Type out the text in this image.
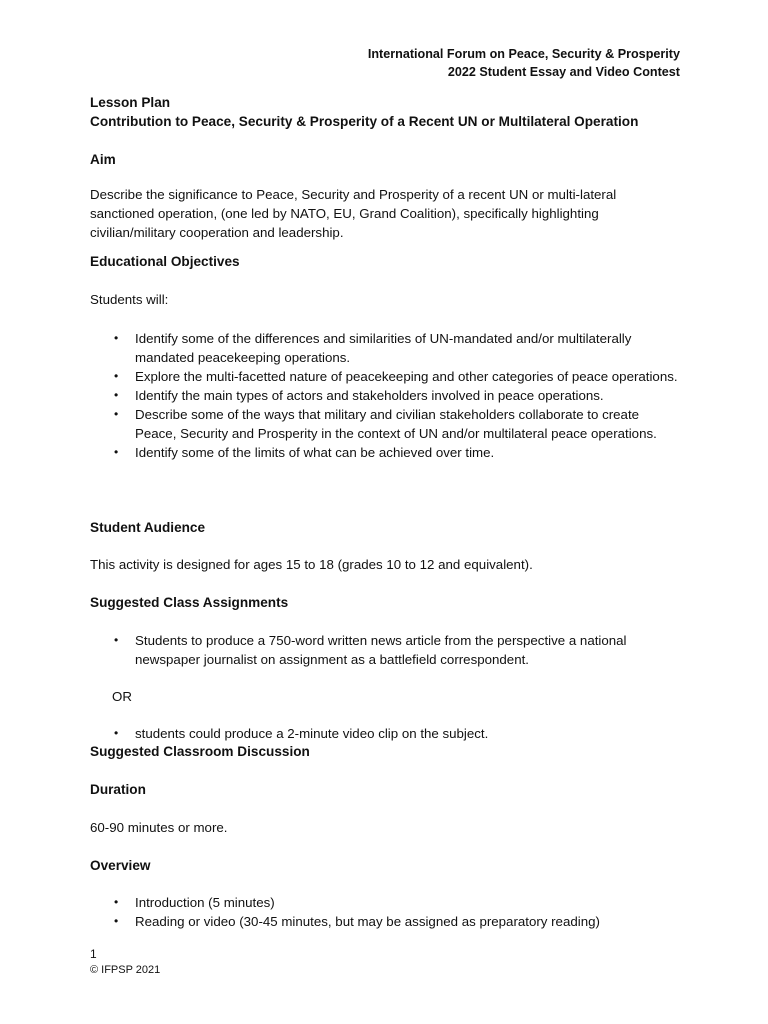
International Forum on Peace, Security & Prosperity
2022 Student Essay and Video Contest
Lesson Plan
Contribution to Peace, Security & Prosperity of a Recent UN or Multilateral Operation
Aim

Describe the significance to Peace, Security and Prosperity of a recent UN or multi-lateral sanctioned operation, (one led by NATO, EU, Grand Coalition), specifically highlighting civilian/military cooperation and leadership.

Educational Objectives

Students will:

• Identify some of the differences and similarities of UN-mandated and/or multilaterally mandated peacekeeping operations.
• Explore the multi-facetted nature of peacekeeping and other categories of peace operations.
• Identify the main types of actors and stakeholders involved in peace operations.
• Describe some of the ways that military and civilian stakeholders collaborate to create Peace, Security and Prosperity in the context of UN and/or multilateral peace operations.
• Identify some of the limits of what can be achieved over time.
Student Audience

This activity is designed for ages 15 to 18 (grades 10 to 12 and equivalent).

Suggested Class Assignments
• Students to produce a 750-word written news article from the perspective a national newspaper journalist on assignment as a battlefield correspondent.

OR

• students could produce a 2-minute video clip on the subject.
Suggested Classroom Discussion
Duration

60-90 minutes or more.

Overview
• Introduction (5 minutes)
• Reading or video (30-45 minutes, but may be assigned as preparatory reading)
1
© IFPSP 2021
